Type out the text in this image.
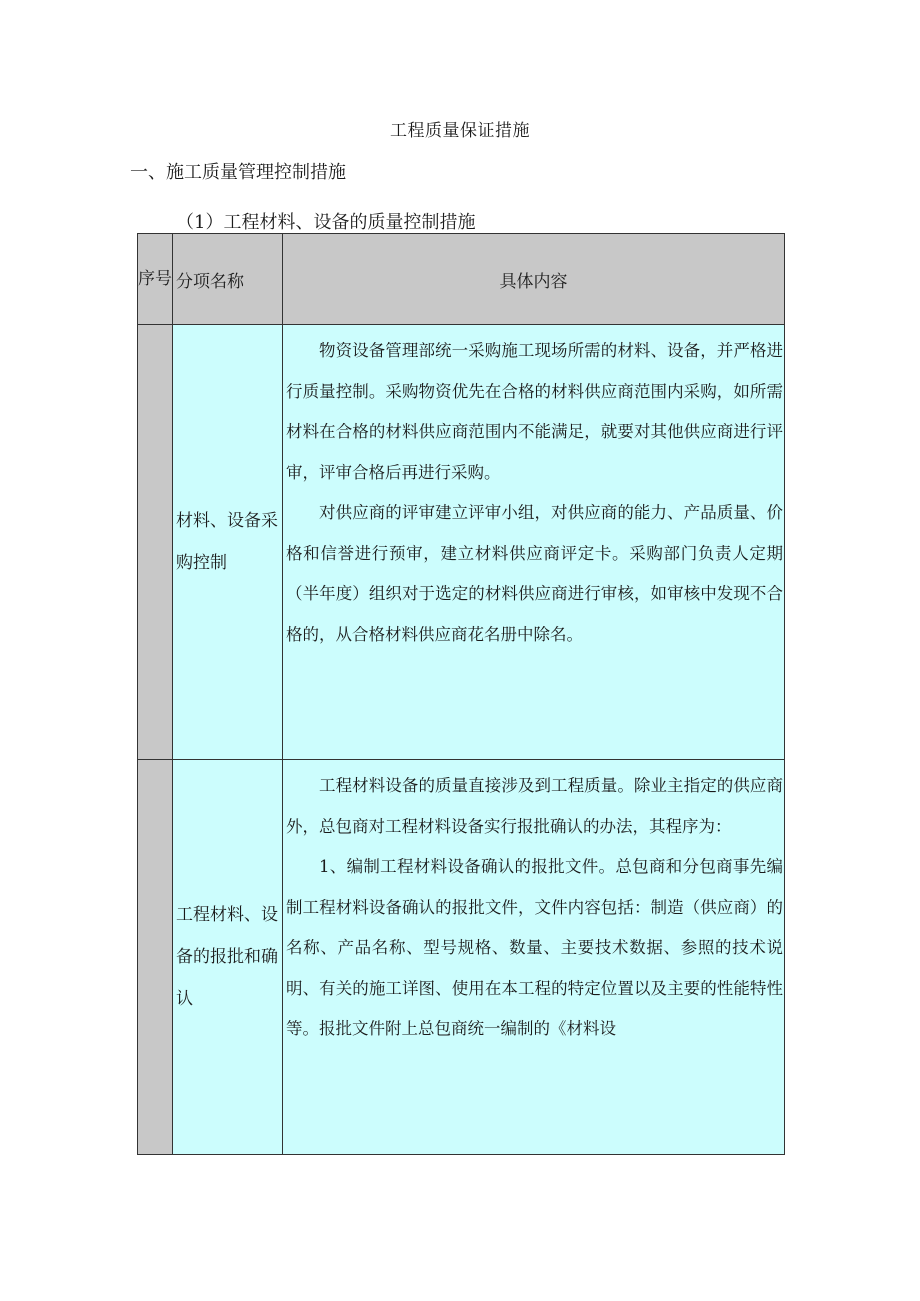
工程质量保证措施
一、施工质量管理控制措施
（1）工程材料、设备的质量控制措施
序号	分项名称	具体内容
	材料、设备采购控制	物资设备管理部统一采购施工现场所需的材料、设备，并严格进行质量控制。采购物资优先在合格的材料供应商范围内采购，如所需材料在合格的材料供应商范围内不能满足，就要对其他供应商进行评审，评审合格后再进行采购。

对供应商的评审建立评审小组，对供应商的能力、产品质量、价格和信誉进行预审，建立材料供应商评定卡。采购部门负责人定期（半年度）组织对于选定的材料供应商进行审核，如审核中发现不合格的，从合格材料供应商花名册中除名。

	工程材料、设备的报批和确认	工程材料设备的质量直接涉及到工程质量。除业主指定的供应商外，总包商对工程材料设备实行报批确认的办法，其程序为：

1、编制工程材料设备确认的报批文件。总包商和分包商事先编制工程材料设备确认的报批文件，文件内容包括：制造（供应商）的名称、产品名称、型号规格、数量、主要技术数据、参照的技术说明、有关的施工详图、使用在本工程的特定位置以及主要的性能特性等。报批文件附上总包商统一编制的《材料设
